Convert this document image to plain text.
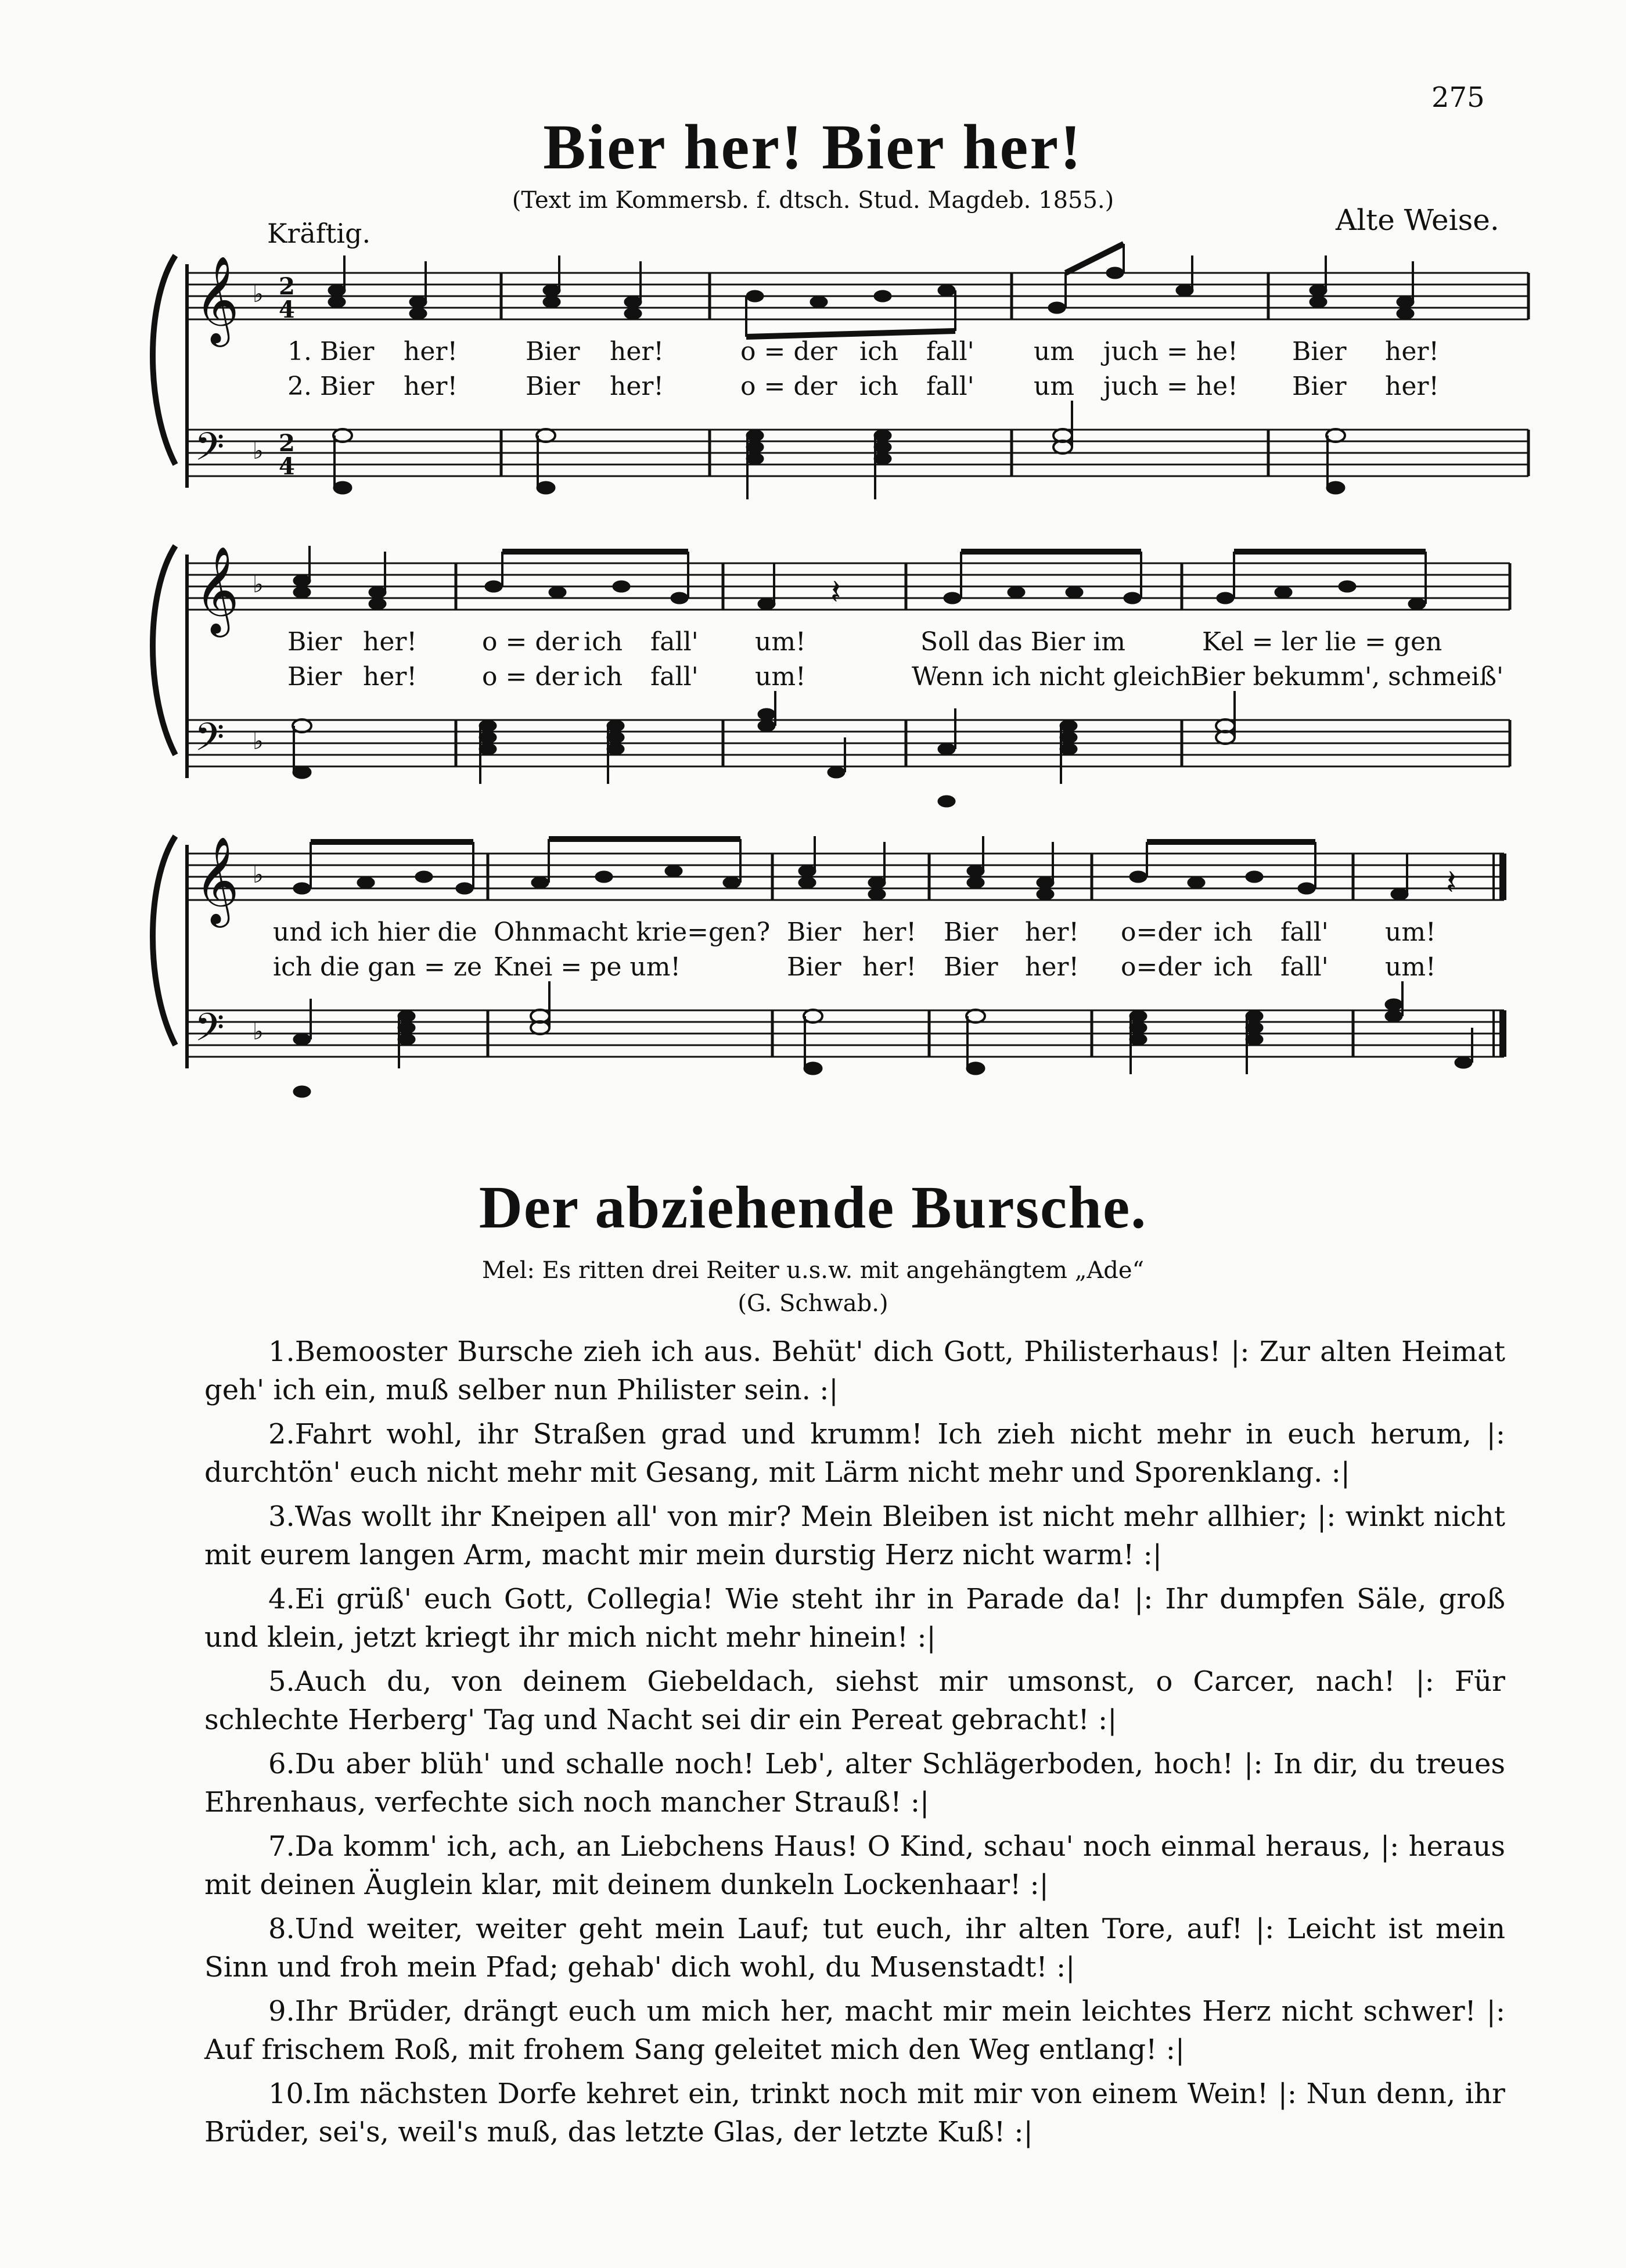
275
Bier her! Bier her!
(Text im Kommersb. f. dtsch. Stud. Magdeb. 1855.)
Kräftig.	Alte Weise.
𝄞
𝄢
♭
♭
2
4
2
4
𝄞
𝄢
♭
♭
𝄽
𝄞
𝄢
♭
♭
𝄽
1. Bier her!	Bier her!	o = der ich fall' um juch = he! Bier her!
2. Bier her!	Bier her!	o = der ich fall' um juch = he! Bier her!
Bier her!	o = der ich fall' um!	Soll das Bier im	Kel = ler lie = gen
Bier her!	o = der ich fall' um!	Wenn ich nicht gleich
Bier bekumm', schmeiß'
und ich hier die Ohnmacht krie=gen? Bier her! Bier her! o=der ich fall' um!
ich die gan = ze Knei = pe um!	Bier her! Bier her! o=der ich fall' um!
Der abziehende Bursche.
Mel: Es ritten drei Reiter u.s.w. mit angehängtem „Ade“
(G. Schwab.)
1.Bemooster Bursche zieh ich aus. Behüt' dich Gott, Philisterhaus! |: Zur alten Heimat geh' ich ein, muß selber nun Philister sein. :|
2.Fahrt wohl, ihr Straßen grad und krumm! Ich zieh nicht mehr in euch herum, |: durchtön' euch nicht mehr mit Gesang, mit Lärm nicht mehr und Sporenklang. :|
3.Was wollt ihr Kneipen all' von mir? Mein Bleiben ist nicht mehr allhier; |: winkt nicht mit eurem langen Arm, macht mir mein durstig Herz nicht warm! :|
4.Ei grüß' euch Gott, Collegia! Wie steht ihr in Parade da! |: Ihr dumpfen Säle, groß und klein, jetzt kriegt ihr mich nicht mehr hinein! :|
5.Auch du, von deinem Giebeldach, siehst mir umsonst, o Carcer, nach! |: Für schlechte Herberg' Tag und Nacht sei dir ein Pereat gebracht! :|
6.Du aber blüh' und schalle noch! Leb', alter Schlägerboden, hoch! |: In dir, du treues Ehrenhaus, verfechte sich noch mancher Strauß! :|
7.Da komm' ich, ach, an Liebchens Haus! O Kind, schau' noch einmal heraus, |: heraus mit deinen Äuglein klar, mit deinem dunkeln Lockenhaar! :|
8.Und weiter, weiter geht mein Lauf; tut euch, ihr alten Tore, auf! |: Leicht ist mein Sinn und froh mein Pfad; gehab' dich wohl, du Musenstadt! :|
9.Ihr Brüder, drängt euch um mich her, macht mir mein leichtes Herz nicht schwer! |: Auf frischem Roß, mit frohem Sang geleitet mich den Weg entlang! :|
10.Im nächsten Dorfe kehret ein, trinkt noch mit mir von einem Wein! |: Nun denn, ihr Brüder, sei's, weil's muß, das letzte Glas, der letzte Kuß! :|
